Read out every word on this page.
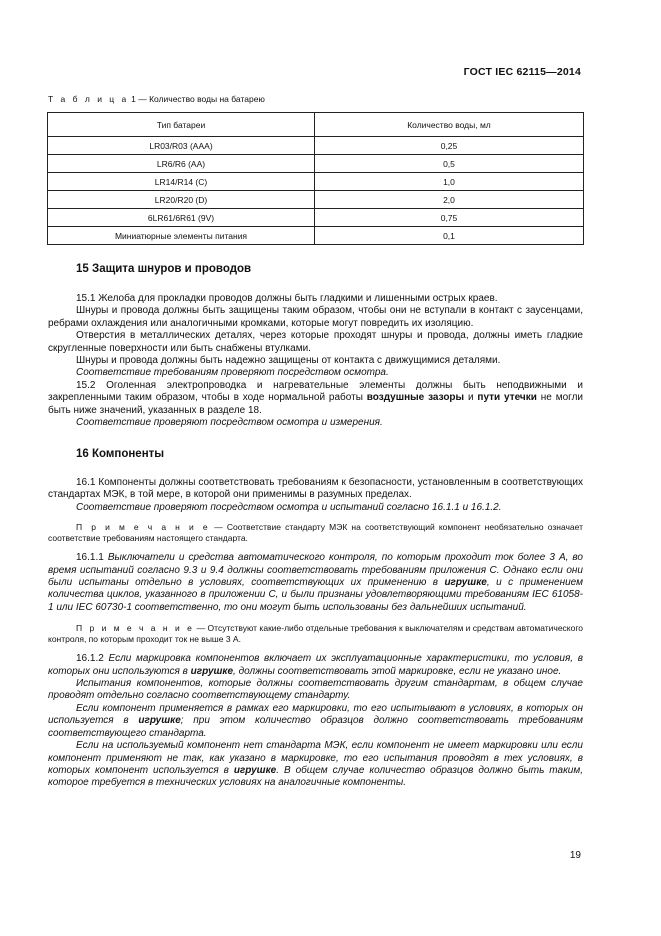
ГОСТ IEC 62115—2014
Т а б л и ц а 1 — Количество воды на батарею
Тип батареи	Количество воды, мл
LR03/R03 (AAA)	0,25
LR6/R6 (AA)	0,5
LR14/R14 (C)	1,0
LR20/R20 (D)	2,0
6LR61/6R61 (9V)	0,75
Миниатюрные элементы питания	0,1
15 Защита шнуров и проводов

15.1 Желоба для прокладки проводов должны быть гладкими и лишенными острых краев.

Шнуры и провода должны быть защищены таким образом, чтобы они не вступали в контакт с заусенцами, ребрами охлаждения или аналогичными кромками, которые могут повредить их изоляцию.

Отверстия в металлических деталях, через которые проходят шнуры и провода, должны иметь гладкие скругленные поверхности или быть снабжены втулками.

Шнуры и провода должны быть надежно защищены от контакта с движущимися деталями.

Соответствие требованиям проверяют посредством осмотра.

15.2 Оголенная электропроводка и нагревательные элементы должны быть неподвижными и закрепленными таким образом, чтобы в ходе нормальной работы воздушные зазоры и пути утечки не могли быть ниже значений, указанных в разделе 18.

Соответствие проверяют посредством осмотра и измерения.

16 Компоненты

16.1 Компоненты должны соответствовать требованиям к безопасности, установленным в соответствующих стандартах МЭК, в той мере, в которой они применимы в разумных пределах.

Соответствие проверяют посредством осмотра и испытаний согласно 16.1.1 и 16.1.2.

П р и м е ч а н и е — Соответствие стандарту МЭК на соответствующий компонент необязательно означает соответствие требованиям настоящего стандарта.

16.1.1 Выключатели и средства автоматического контроля, по которым проходит ток более 3 А, во время испытаний согласно 9.3 и 9.4 должны соответствовать требованиям приложения С. Однако если они были испытаны отдельно в условиях, соответствующих их применению в игрушке, и с применением количества циклов, указанного в приложении С, и были признаны удовлетворяющими требованиям IEC 61058-1 или IEC 60730-1 соответственно, то они могут быть использованы без дальнейших испытаний.

П р и м е ч а н и е — Отсутствуют какие-либо отдельные требования к выключателям и средствам автоматического контроля, по которым проходит ток не выше 3 А.

16.1.2 Если маркировка компонентов включает их эксплуатационные характеристики, то условия, в которых они используются в игрушке, должны соответствовать этой маркировке, если не указано иное.

Испытания компонентов, которые должны соответствовать другим стандартам, в общем случае проводят отдельно согласно соответствующему стандарту.

Если компонент применяется в рамках его маркировки, то его испытывают в условиях, в которых он используется в игрушке; при этом количество образцов должно соответствовать требованиям соответствующего стандарта.

Если на используемый компонент нет стандарта МЭК, если компонент не имеет маркировки или если компонент применяют не так, как указано в маркировке, то его испытания проводят в тех условиях, в которых компонент используется в игрушке. В общем случае количество образцов должно быть таким, которое требуется в технических условиях на аналогичные компоненты.

19
